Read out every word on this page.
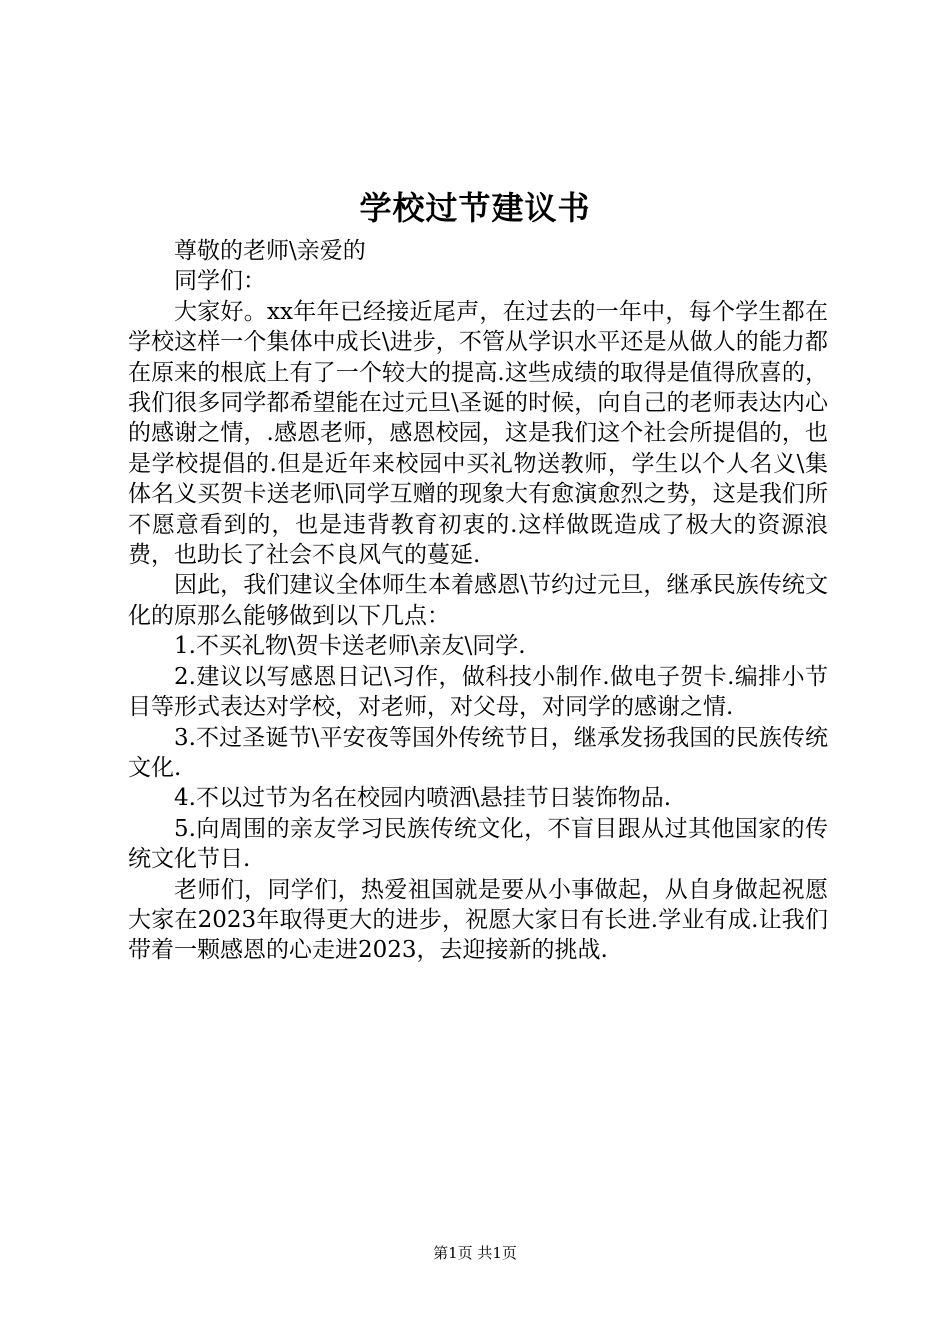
学校过节建议书

尊敬的老师\亲爱的

同学们：

大家好。xx年年已经接近尾声，在过去的一年中，每个学生都在学校这样一个集体中成长\进步，不管从学识水平还是从做人的能力都在原来的根底上有了一个较大的提高.这些成绩的取得是值得欣喜的，我们很多同学都希望能在过元旦\圣诞的时候，向自己的老师表达内心的感谢之情，.感恩老师，感恩校园，这是我们这个社会所提倡的，也是学校提倡的.但是近年来校园中买礼物送教师，学生以个人名义\集体名义买贺卡送老师\同学互赠的现象大有愈演愈烈之势，这是我们所不愿意看到的，也是违背教育初衷的.这样做既造成了极大的资源浪费，也助长了社会不良风气的蔓延.

因此，我们建议全体师生本着感恩\节约过元旦，继承民族传统文化的原那么能够做到以下几点：

1.不买礼物\贺卡送老师\亲友\同学.

2.建议以写感恩日记\习作，做科技小制作.做电子贺卡.编排小节目等形式表达对学校，对老师，对父母，对同学的感谢之情.

3.不过圣诞节\平安夜等国外传统节日，继承发扬我国的民族传统文化.

4.不以过节为名在校园内喷洒\悬挂节日装饰物品.

5.向周围的亲友学习民族传统文化，不盲目跟从过其他国家的传统文化节日.

老师们，同学们，热爱祖国就是要从小事做起，从自身做起祝愿大家在2023年取得更大的进步，祝愿大家日有长进.学业有成.让我们带着一颗感恩的心走进2023，去迎接新的挑战.

第1页 共1页
